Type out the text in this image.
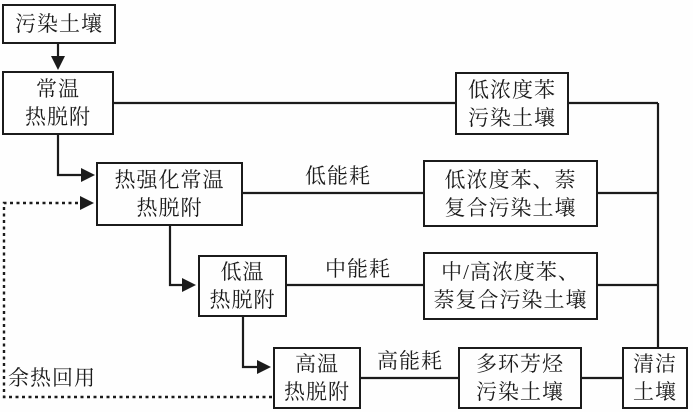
污染土壤
常温
热脱附
低浓度苯
污染土壤
热强化常温
热脱附
低浓度苯、萘
复合污染土壤
低温
热脱附
中/高浓度苯、
萘复合污染土壤
高温
热脱附
多环芳烃
污染土壤
清洁
土壤
低能耗
中能耗
高能耗
余热回用
